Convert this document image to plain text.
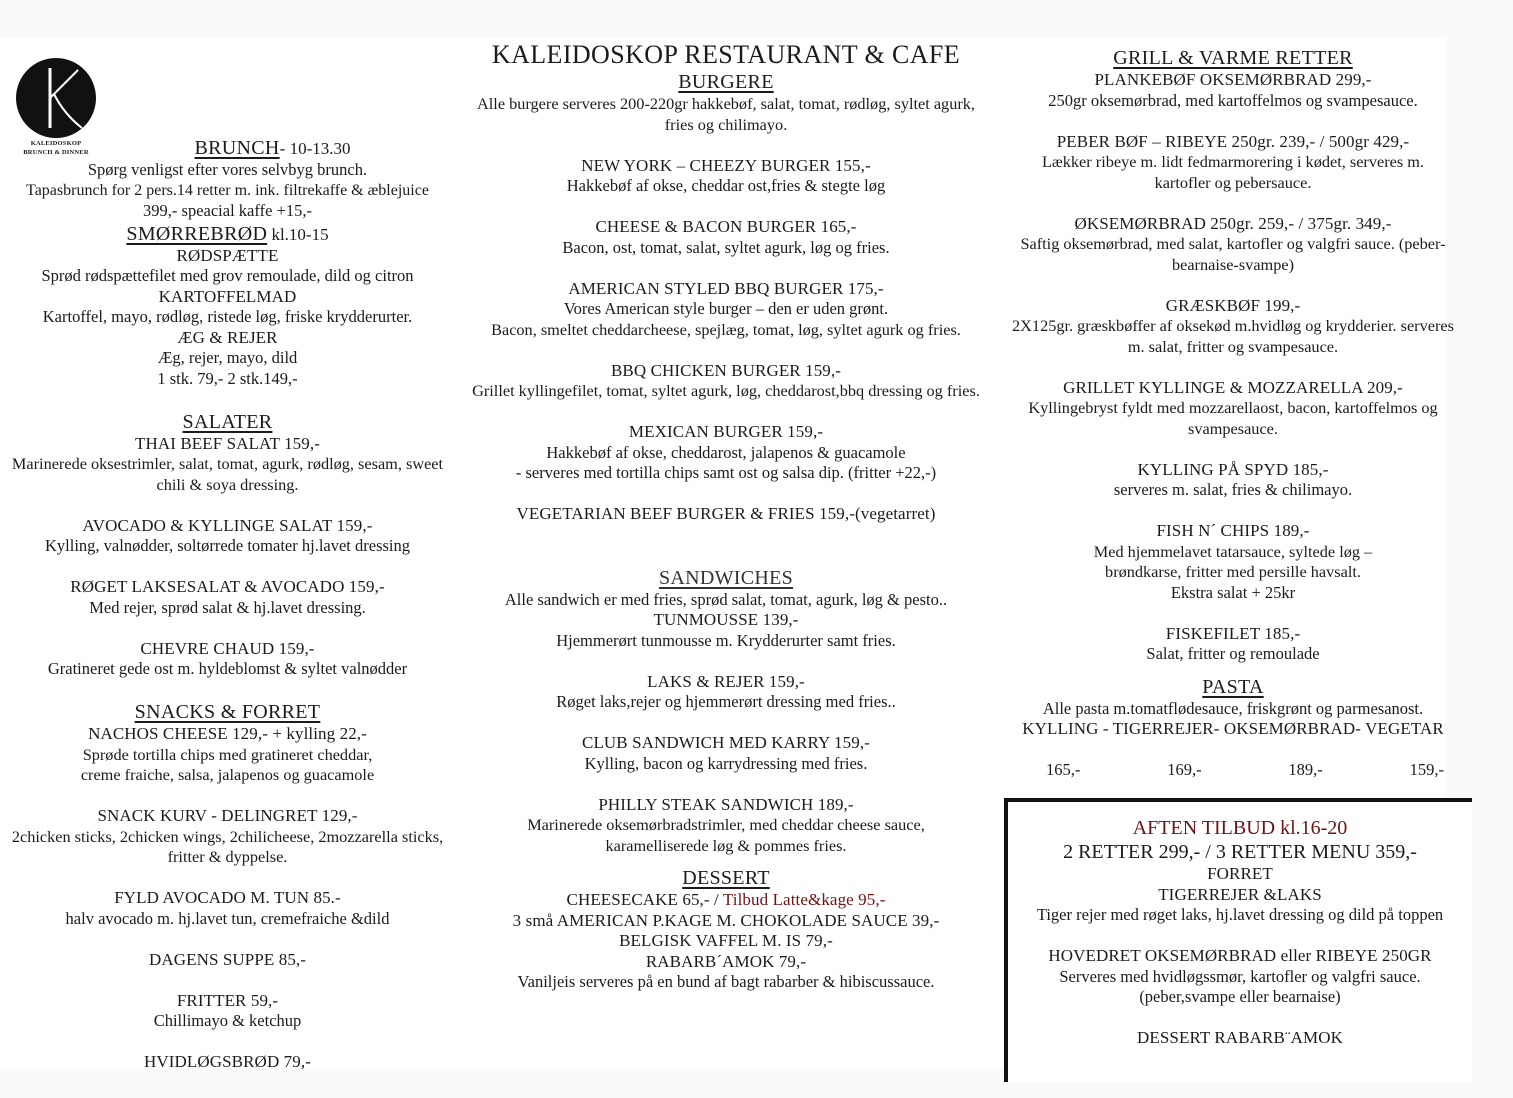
KALEIDOSKOP
BRUNCH & DINNER	BRUNCH- 10-13.30
Spørg venligst efter vores selvbyg brunch.
Tapasbrunch for 2 pers.14 retter m. ink. filtrekaffe & æblejuice
399,- speacial kaffe +15,-
SMØRREBRØD kl.10-15
RØDSPÆTTE
Sprød rødspættefilet med grov remoulade, dild og citron
KARTOFFELMAD
Kartoffel, mayo, rødløg, ristede løg, friske krydderurter.
ÆG & REJER
Æg, rejer, mayo, dild
1 stk. 79,- 2 stk.149,-
SALATER
THAI BEEF SALAT 159,-
Marinerede oksestrimler, salat, tomat, agurk, rødløg, sesam, sweet chili & soya dressing.
AVOCADO & KYLLINGE SALAT 159,-
Kylling, valnødder, soltørrede tomater hj.lavet dressing
RØGET LAKSESALAT & AVOCADO 159,-
Med rejer, sprød salat & hj.lavet dressing.
CHEVRE CHAUD 159,-
Gratineret gede ost m. hyldeblomst & syltet valnødder
SNACKS & FORRET
NACHOS CHEESE 129,- + kylling 22,-
Sprøde tortilla chips med gratineret cheddar, creme fraiche, salsa, jalapenos og guacamole
SNACK KURV - DELINGRET 129,-
2chicken sticks, 2chicken wings, 2chilicheese, 2mozzarella sticks, fritter & dyppelse.
FYLD AVOCADO M. TUN 85.-
halv avocado m. hj.lavet tun, cremefraiche &dild
DAGENS SUPPE 85,-
FRITTER 59,-
Chillimayo & ketchup
HVIDLØGSBRØD 79,-
KALEIDOSKOP RESTAURANT & CAFE
BURGERE
Alle burgere serveres 200-220gr hakkebøf, salat, tomat, rødløg, syltet agurk, fries og chilimayo.
NEW YORK – CHEEZY BURGER 155,-
Hakkebøf af okse, cheddar ost,fries & stegte løg
CHEESE & BACON BURGER 165,-
Bacon, ost, tomat, salat, syltet agurk, løg og fries.
AMERICAN STYLED BBQ BURGER 175,-
Vores American style burger – den er uden grønt.
Bacon, smeltet cheddarcheese, spejlæg, tomat, løg, syltet agurk og fries.
BBQ CHICKEN BURGER 159,-
Grillet kyllingefilet, tomat, syltet agurk, løg, cheddarost,bbq dressing og fries.
MEXICAN BURGER 159,-
Hakkebøf af okse, cheddarost, jalapenos & guacamole
- serveres med tortilla chips samt ost og salsa dip. (fritter +22,-)
VEGETARIAN BEEF BURGER & FRIES 159,-(vegetarret)
SANDWICHES
Alle sandwich er med fries, sprød salat, tomat, agurk, løg & pesto..
TUNMOUSSE 139,-
Hjemmerørt tunmousse m. Krydderurter samt fries.
LAKS & REJER 159,-
Røget laks,rejer og hjemmerørt dressing med fries..
CLUB SANDWICH MED KARRY 159,-
Kylling, bacon og karrydressing med fries.
PHILLY STEAK SANDWICH 189,-
Marinerede oksemørbradstrimler, med cheddar cheese sauce, karamelliserede løg & pommes fries.
DESSERT
CHEESECAKE 65,- / Tilbud Latte&kage 95,-
3 små AMERICAN P.KAGE M. CHOKOLADE SAUCE 39,-
BELGISK VAFFEL M. IS 79,-
RABARB´AMOK 79,-
Vaniljeis serveres på en bund af bagt rabarber & hibiscussauce.
GRILL & VARME RETTER
PLANKEBØF OKSEMØRBRAD 299,-
250gr oksemørbrad, med kartoffelmos og svampesauce.
PEBER BØF – RIBEYE 250gr. 239,- / 500gr 429,-
Lækker ribeye m. lidt fedmarmorering i kødet, serveres m. kartofler og pebersauce.
ØKSEMØRBRAD 250gr. 259,- / 375gr. 349,-
Saftig oksemørbrad, med salat, kartofler og valgfri sauce. (peber-bearnaise-svampe)
GRÆSKBØF 199,-
2X125gr. græskbøffer af oksekød m.hvidløg og krydderier. serveres m. salat, fritter og svampesauce.
GRILLET KYLLINGE & MOZZARELLA 209,-
Kyllingebryst fyldt med mozzarellaost, bacon, kartoffelmos og svampesauce.
KYLLING PÅ SPYD 185,-
serveres m. salat, fries & chilimayo.
FISH N´ CHIPS 189,-
Med hjemmelavet tatarsauce, syltede løg – brøndkarse, fritter med persille havsalt.
Ekstra salat + 25kr
FISKEFILET 185,-
Salat, fritter og remoulade
PASTA
Alle pasta m.tomatflødesauce, friskgrønt og parmesanost.
KYLLING - TIGERREJER- OKSEMØRBRAD- VEGETAR
165,-	169,-	189,-	159,-
AFTEN TILBUD kl.16-20
2 RETTER 299,- / 3 RETTER MENU 359,-
FORRET
TIGERREJER &LAKS
Tiger rejer med røget laks, hj.lavet dressing og dild på toppen
HOVEDRET OKSEMØRBRAD eller RIBEYE 250GR
Serveres med hvidløgssmør, kartofler og valgfri sauce.
(peber,svampe eller bearnaise)
DESSERT RABARB¨AMOK
